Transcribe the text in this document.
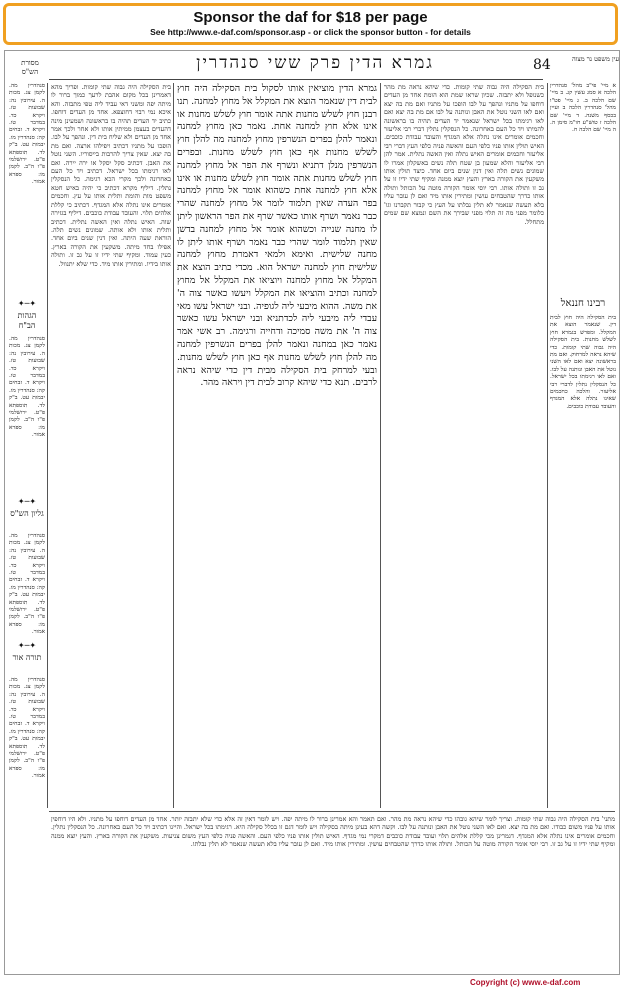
Sponsor the daf for $18 per page
See http://www.e-daf.com/sponsor.asp - or click the sponsor button - for details
מסורת הש"ס	גמרא הדין פרק ששי סנהדרין	84	עין משפט נר מצוה
סנהדרין מה. לקמן צג. מכות ה. עירובין נה: שבועות טז. ויקרא כד. במדבר טו. ויקרא ד. זבחים קה: סנהדרין מו. יבמות עט. ב"ק לד. תוספתא פ"ט. ירושלמי פ"ו ה"ב. לקמן מו: ספרא אמור.
הגהות הב"ח
✦─✦
סנהדרין מה. לקמן צג. מכות ה. עירובין נה: שבועות טז. ויקרא כד. במדבר טו. ויקרא ד. זבחים קה: סנהדרין מו. יבמות עט. ב"ק לד. תוספתא פ"ט. ירושלמי פ"ו ה"ב. לקמן מו: ספרא אמור.
גליון הש"ס
✦─✦
סנהדרין מה. לקמן צג. מכות ה. עירובין נה: שבועות טז. ויקרא כד. במדבר טו. ויקרא ד. זבחים קה: סנהדרין מו. יבמות עט. ב"ק לד. תוספתא פ"ט. ירושלמי פ"ו ה"ב. לקמן מו: ספרא אמור.
✦─✦
תורה אור
סנהדרין מה. לקמן צג. מכות ה. עירובין נה: שבועות טז. ויקרא כד. במדבר טו. ויקרא ד. זבחים קה: סנהדרין מו. יבמות עט. ב"ק לד. תוספתא פ"ט. ירושלמי פ"ו ה"ב. לקמן מו: ספרא אמור.
בית הסקילה היה גבוה שתי קומות. ופריך מהא דאמרינן בכל מקום אהבת לרעך כמוך ברור לו מיתה יפה ומשני דאי עביד ליה טפי מתבזה. והא איכא נמי רבוי דחוצפא. אחד מן העדים דוחפו. כתיב יד העדים תהיה בו בראשונה ושמעינן מינה דהעדים בעצמן ממיתין אותו ולא אחר ולכך אמר אחד מן העדים ולא שליח בית דין. ונהפך על לבו. הופכו על מתניו דכתיב ויפילהו ארצה. ואם מת בה יצא. שאין צריך להרבות בייסוריו. השני נוטל את האבן. דכתיב סקל יסקל או ירה יירה. ואם לאו רגימתו בכל ישראל. דכתיב ויד כל העם באחרונה ולכך מקרי הכא רגימה. כל הנסקלין נתלין. דיליף מקרא דכתיב כי יהיה באיש חטא משפט מות והומת ותלית אותו על עץ. וחכמים אומרים אינו נתלה אלא המגדף. דכתיב כי קללת אלהים תלוי. והעובד עבודת כוכבים. דיליף בגזירה שוה. האיש נתלה ואין האשה נתלית. דכתיב ותלית אותו ולא אותה. שמונים נשים תלה. הוראת שעה היתה. ואין דנין שנים ביום אחד. אפילו בחד מיתה. משקעין את הקורה בארץ. כעין עמוד. ומקיף שתי ידיו זו על גב זו. ותולה אותו בידיו. ומתירין אותו מיד. כדי שלא יתנוול.
גמרא הדין מוציאין אותו לסקול בית הסקילה היה חוץ לבית דין שנאמר הוצא את המקלל אל מחוץ למחנה. תנו רבנן חוץ לשלש מחנות אתה אומר חוץ לשלש מחנות או אינו אלא חוץ למחנה אחת. נאמר כאן מחוץ למחנה ונאמר להלן בפרים הנשרפין מחוץ למחנה מה להלן חוץ לשלש מחנות אף כאן חוץ לשלש מחנות. ובפרים הנשרפין מנלן דתניא ונשרף את הפר אל מחוץ למחנה חוץ לשלש מחנות אתה אומר חוץ לשלש מחנות או אינו אלא חוץ למחנה אחת כשהוא אומר אל מחוץ למחנה בפר העדה שאין תלמוד לומר אל מחוץ למחנה שהרי כבר נאמר ושרף אותו כאשר שרף את הפר הראשון ליתן לו מחנה שנייה וכשהוא אומר אל מחוץ למחנה בדשן שאין תלמוד לומר שהרי כבר נאמר ושרף אותו ליתן לו מחנה שלישית. ואימא ולמאי דאמרת מחוץ למחנה שלישית חוץ למחנה ישראל הוא. מכדי כתיב הוצא את המקלל אל מחוץ למחנה ויוציאו את המקלל אל מחוץ למחנה וכתיב והוציאו את המקלל ויעשו כאשר צוה ה' את משה. ההוא מיבעי ליה לגופיה. ובני ישראל עשו מאי עבדי ליה מיבעי ליה לכדתניא ובני ישראל עשו כאשר צוה ה' את משה סמיכה ודחייה ורגימה. רב אשי אמר נאמר כאן במחנה ונאמר להלן בפרים הנשרפין למחנה מה להלן חוץ לשלש מחנות אף כאן חוץ לשלש מחנות. ובעי למרחק בית הסקילה מבית דין כדי שיהא נראה לרבים. תנא כדי שיהא קרוב לבית דין ויראה מהר.
בית הסקילה היה גבוה שתי קומות. כדי שיהא נראה מת מהר כשנופל ולא יתבזה. שכיון שראו שמת הוא הומת אחד מן העדים דוחפו על מתניו ונהפך על לבו הופכו על מתניו ואם מת בה יצא ואם לאו השני נוטל את האבן ונותנה על לבו אם מת בה יצא ואם לאו רגימתו בכל ישראל שנאמר יד העדים תהיה בו בראשונה להמיתו ויד כל העם באחרונה. כל הנסקלין נתלין דברי רבי אליעזר וחכמים אומרים אינו נתלה אלא המגדף והעובד עבודת כוכבים. האיש תולין אותו פניו כלפי העם והאשה פניה כלפי העץ דברי רבי אליעזר וחכמים אומרים האיש נתלה ואין האשה נתלית. אמר להן רבי אליעזר והלא שמעון בן שטח תלה נשים באשקלון אמרו לו שמונים נשים תלה ואין דנין שנים ביום אחד. כיצד תולין אותו משקעין את הקורה בארץ והעץ יוצא ממנה ומקיף שתי ידיו זו על גב זו ותולה אותו. רבי יוסי אומר הקורה מוטה על הכותל ותולה אותו כדרך שהטבחים עושין ומתירין אותו מיד ואם לן עובר עליו בלא תעשה שנאמר לא תלין נבלתו על העץ כי קבור תקברנו וגו' כלומר מפני מה זה תלוי מפני שבירך את השם ונמצא שם שמים מתחלל.
א מיי' פי"ב מהל' סנהדרין הלכה א סמג עשין קג. ב מיי' שם הלכה ב. ג מיי' פט"ו מהל' סנהדרין הלכה ב ועיין בכסף משנה. ד מיי' שם הלכה ז טוש"ע חו"מ סימן ה. ה מיי' שם הלכה ח.
רבינו חננאל
בית הסקילה היה חוץ לבית דין. שנאמר הוצא את המקלל. ומפרש בגמרא חוץ לשלש מחנות. בית הסקילה היה גבוה שתי קומות. כדי שיהא נראה למרחוק. ואם מת בראשונה יצא ואם לאו השני נוטל את האבן ונותנה על לבו. ואם לאו רגימתו בכל ישראל. כל הנסקלין נתלין לדברי רבי אליעזר. והלכה כחכמים שאינו נתלה אלא המגדף והעובד עבודת כוכבים.
מתני' בית הסקילה היה גבוה שתי קומות. וצריך לומר שיהא גובהו כדי שיהא נראה מת מהר. ואם תאמר והא אמרינן ברור לו מיתה יפה. ויש לומר דאין זה אלא כדי שלא יתבזה יותר. אחד מן העדים דוחפו על מתניו. ולא היו דוחפין אותו על פניו משום כבודו. ואם מת בה יצא. ואם לאו השני נוטל את האבן ונותנה על לבו. וקשה דהא בעינן מיתה בסקילה ויש לומר דגם זו בכלל סקילה היא. רגימתו בכל ישראל. והיינו דכתיב ויד כל העם באחרונה. כל הנסקלין נתלין. וחכמים אומרים אינו נתלה אלא המגדף. דגמרינן מכי קללת אלהים תלוי ועובד עבודת כוכבים דמקרי נמי מגדף. האיש תולין אותו פניו כלפי העם. והאשה פניה כלפי העץ משום צניעות. משקעין את הקורה בארץ. והעץ יוצא ממנה ומקיף שתי ידיו זו על גב זו. רבי יוסי אומר הקורה מוטה על הכותל. ותולה אותו כדרך שהטבחים עושין. ומתירין אותו מיד. ואם לן עובר עליו בלא תעשה שנאמר לא תלין נבלתו.
Copyright (c) www.e-daf.com
